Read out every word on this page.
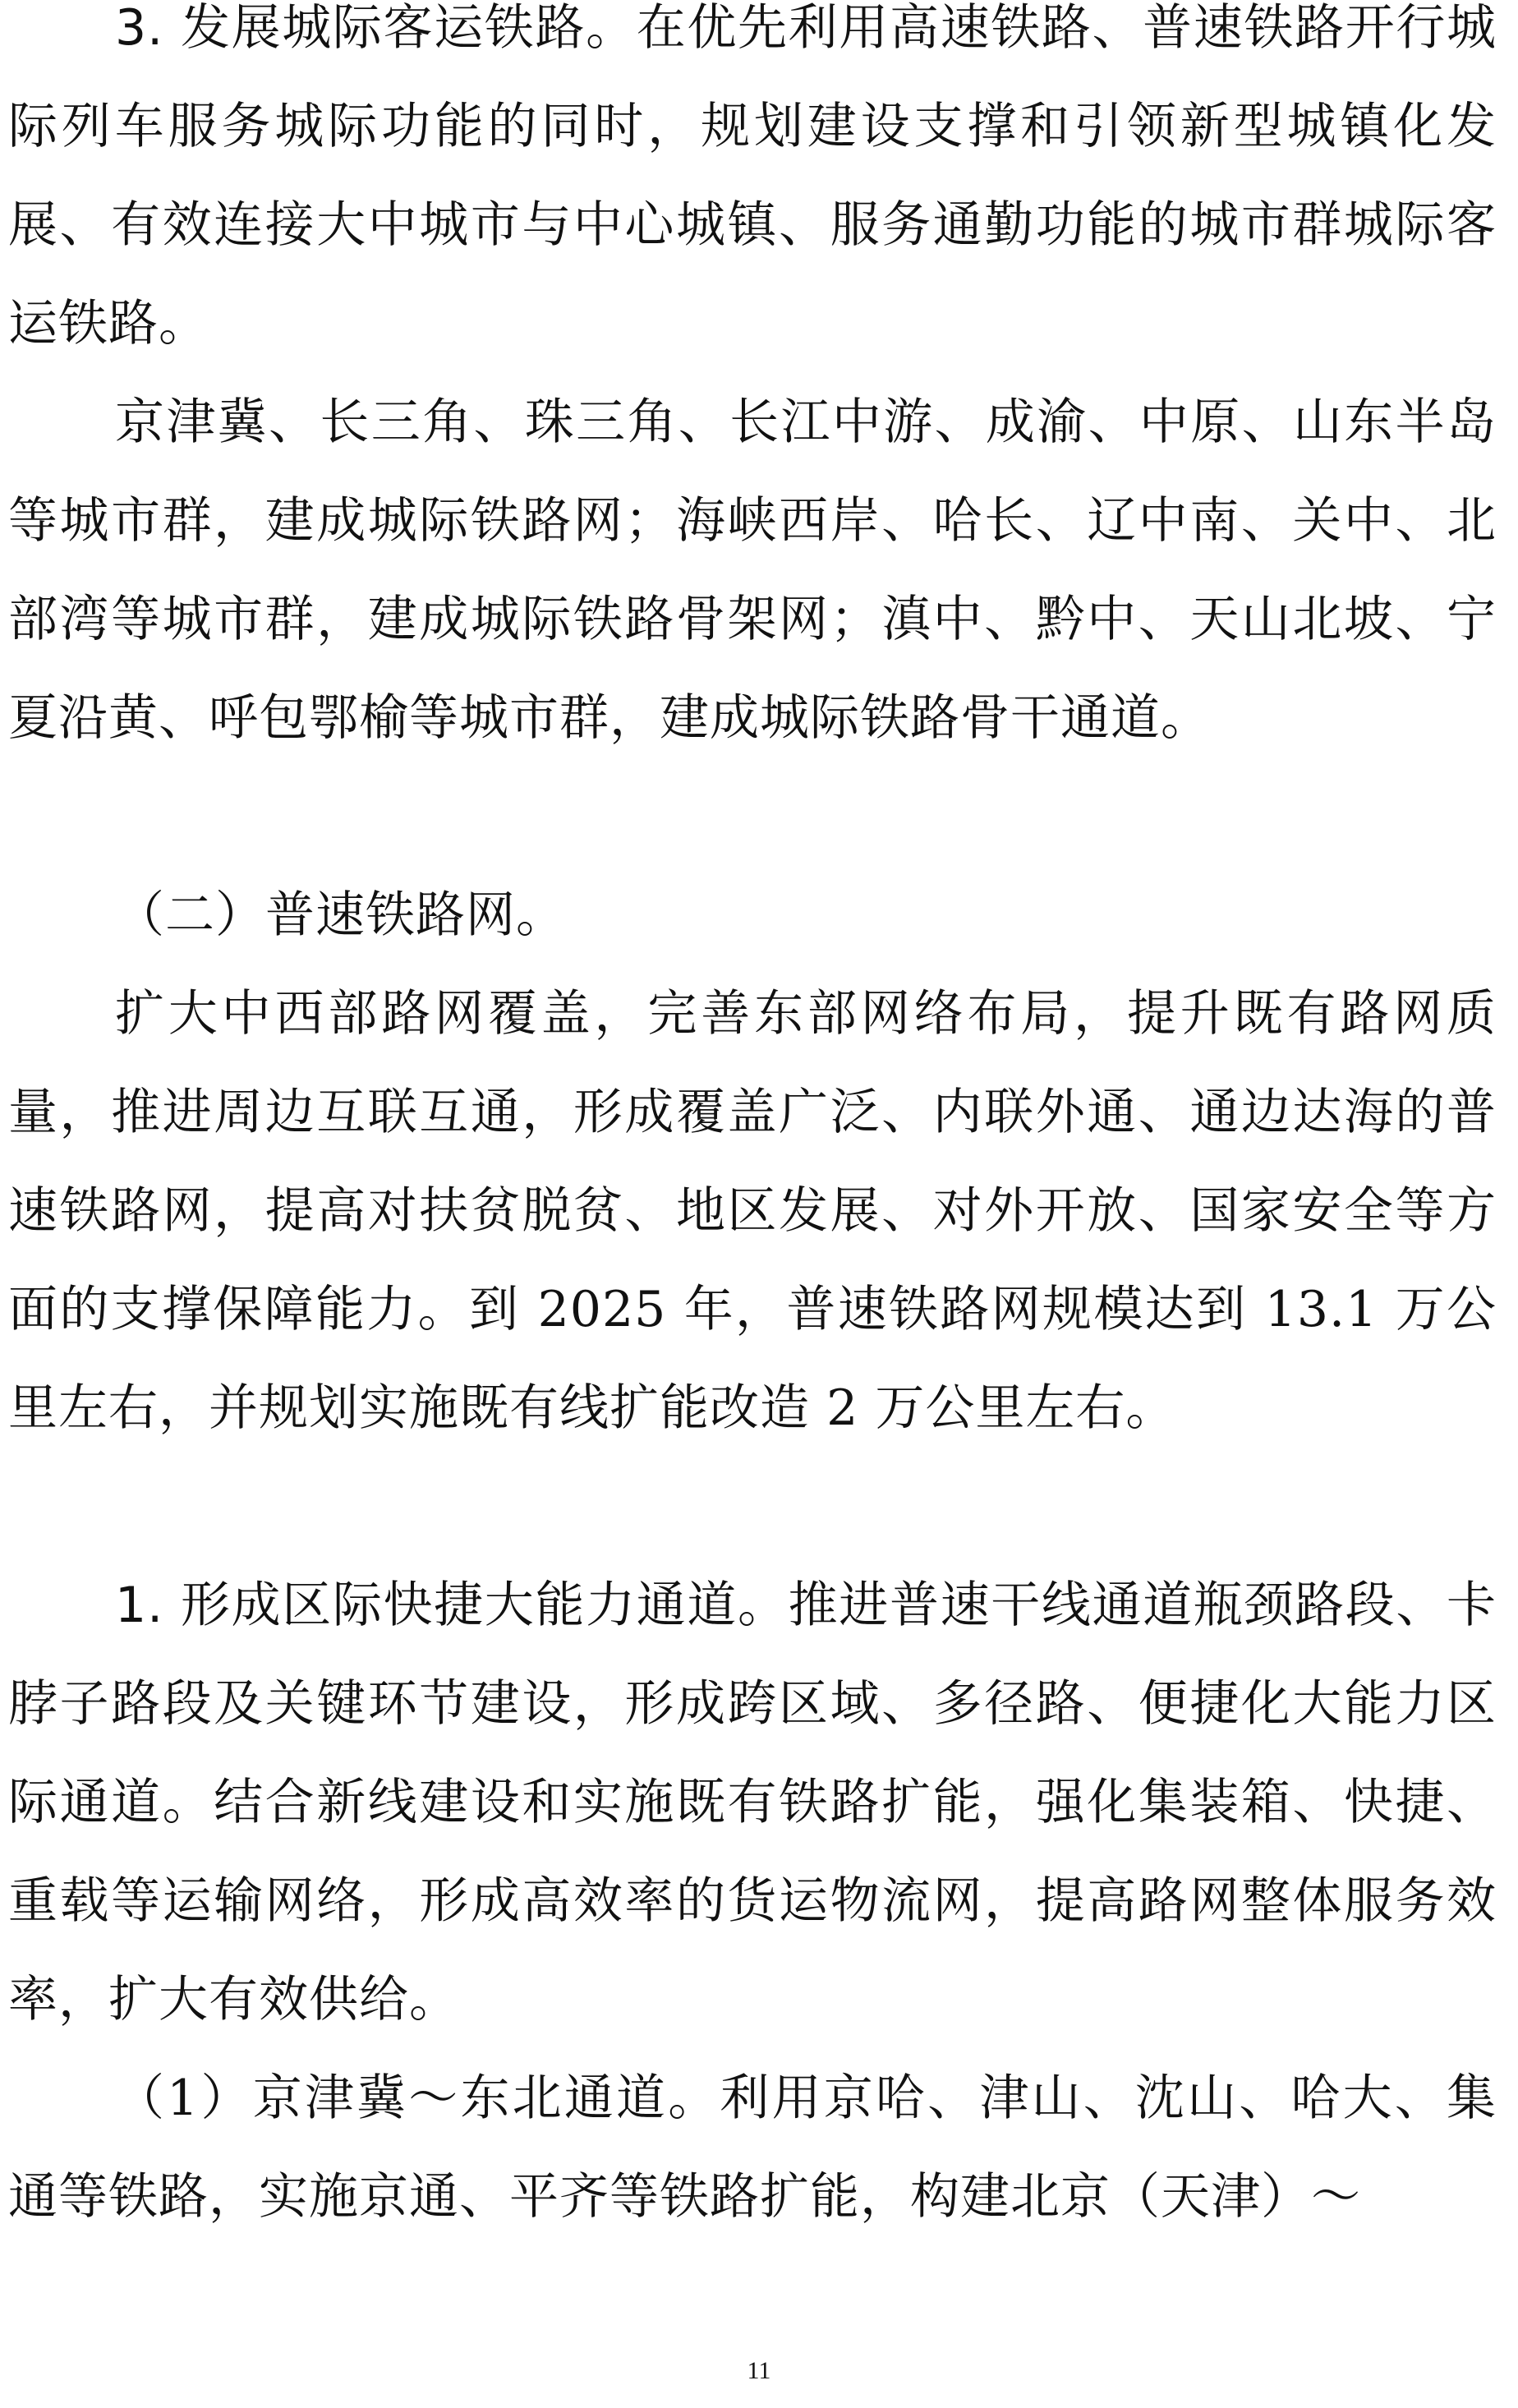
3. 发展城际客运铁路。在优先利用高速铁路、普速铁路开行城际列车服务城际功能的同时，规划建设支撑和引领新型城镇化发展、有效连接大中城市与中心城镇、服务通勤功能的城市群城际客运铁路。

京津冀、长三角、珠三角、长江中游、成渝、中原、山东半岛等城市群，建成城际铁路网；海峡西岸、哈长、辽中南、关中、北部湾等城市群，建成城际铁路骨架网；滇中、黔中、天山北坡、宁夏沿黄、呼包鄂榆等城市群，建成城际铁路骨干通道。

（二）普速铁路网。

扩大中西部路网覆盖，完善东部网络布局，提升既有路网质量，推进周边互联互通，形成覆盖广泛、内联外通、通边达海的普速铁路网，提高对扶贫脱贫、地区发展、对外开放、国家安全等方面的支撑保障能力。到 2025 年，普速铁路网规模达到 13.1 万公里左右，并规划实施既有线扩能改造 2 万公里左右。

1. 形成区际快捷大能力通道。推进普速干线通道瓶颈路段、卡脖子路段及关键环节建设，形成跨区域、多径路、便捷化大能力区际通道。结合新线建设和实施既有铁路扩能，强化集装箱、快捷、重载等运输网络，形成高效率的货运物流网，提高路网整体服务效率，扩大有效供给。

（1）京津冀～东北通道。利用京哈、津山、沈山、哈大、集通等铁路，实施京通、平齐等铁路扩能，构建北京（天津）～

11
